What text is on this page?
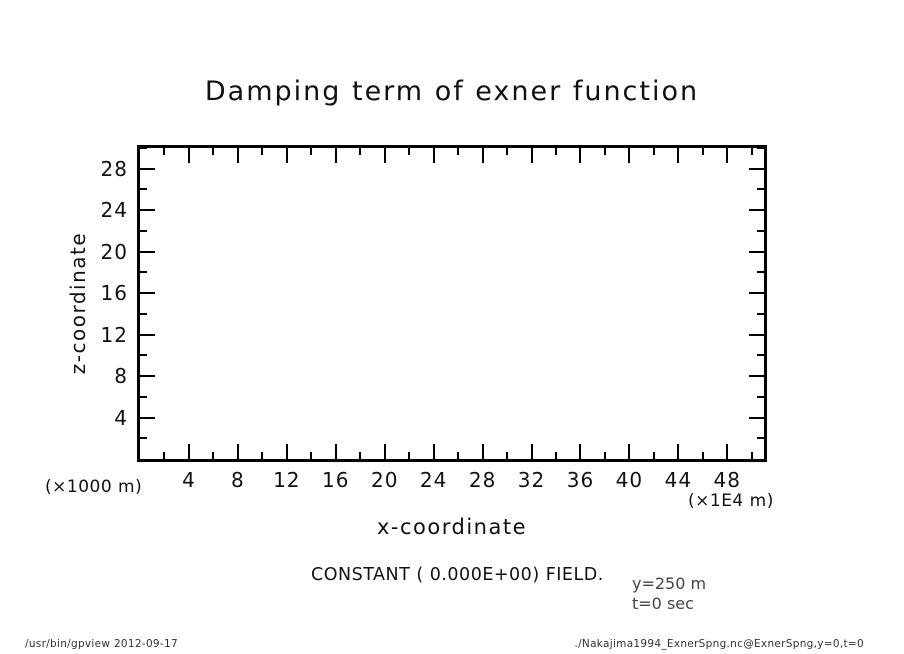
Damping term of exner function
z-coordinate
(×1000 m)
(×1E4 m)
x-coordinate
CONSTANT ( 0.000E+00) FIELD. y=250 m
t=0 sec
/usr/bin/gpview 2012-09-17	./Nakajima1994_ExnerSpng.nc@ExnerSpng,y=0,t=0
4	8	12	16	20	24	28	32	36	40	44	48
4
8
12
16
20
24
28
